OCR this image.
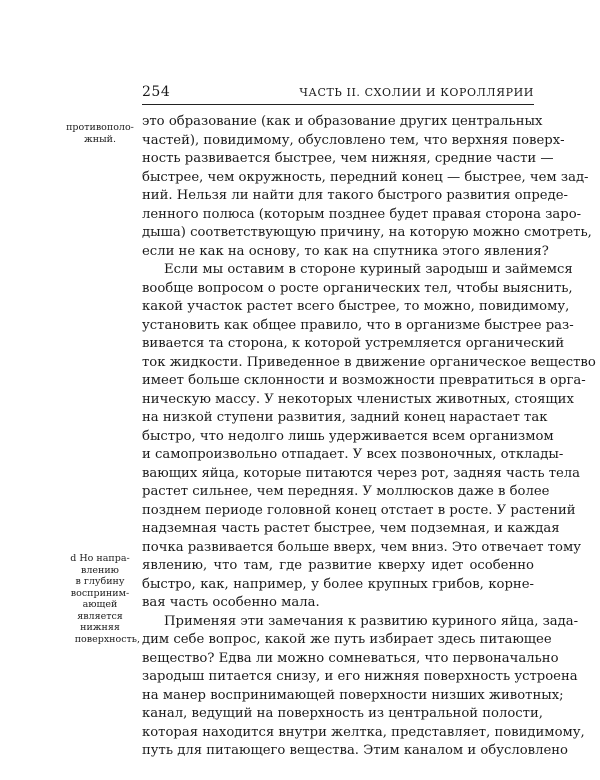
254	ЧАСТЬ II. СХОЛИИ И КОРОЛЛЯРИИ
противополо-
жный.
d Но напра-
влению
в глубину
восприним-
ающей
является
нижняя
поверхность,
это образование (как и образование других центральных
частей), повидимому, обусловлено тем, что верхняя поверх-
ность развивается быстрее, чем нижняя, средние части —
быстрее, чем окружность, передний конец — быстрее, чем зад-
ний. Нельзя ли найти для такого быстрого развития опреде-
ленного полюса (которым позднее будет правая сторона заро-
дыша) соответствующую причину, на которую можно смотреть,
если не как на основу, то как на спутника этого явления?
Если мы оставим в стороне куриный зародыш и займемся
вообще вопросом о росте органических тел, чтобы выяснить,
какой участок растет всего быстрее, то можно, повидимому,
установить как общее правило, что в организме быстрее раз-
вивается та сторона, к которой устремляется органический
ток жидкости. Приведенное в движение органическое вещество
имеет больше склонности и возможности превратиться в орга-
ническую массу. У некоторых членистых животных, стоящих
на низкой ступени развития, задний конец нарастает так
быстро, что недолго лишь удерживается всем организмом
и самопроизвольно отпадает. У всех позвоночных, отклады-
вающих яйца, которые питаются через рот, задняя часть тела
растет сильнее, чем передняя. У моллюсков даже в более
позднем периоде головной конец отстает в росте. У растений
надземная часть растет быстрее, чем подземная, и каждая
почка развивается больше вверх, чем вниз. Это отвечает тому
явлению, что там, где развитие кверху идет особенно
быстро, как, например, у более крупных грибов, корне-
вая часть особенно мала.
Применяя эти замечания к развитию куриного яйца, зада-
дим себе вопрос, какой же путь избирает здесь питающее
вещество? Едва ли можно сомневаться, что первоначально
зародыш питается снизу, и его нижняя поверхность устроена
на манер воспринимающей поверхности низших животных;
канал, ведущий на поверхность из центральной полости,
которая находится внутри желтка, представляет, повидимому,
путь для питающего вещества. Этим каналом и обусловлено
